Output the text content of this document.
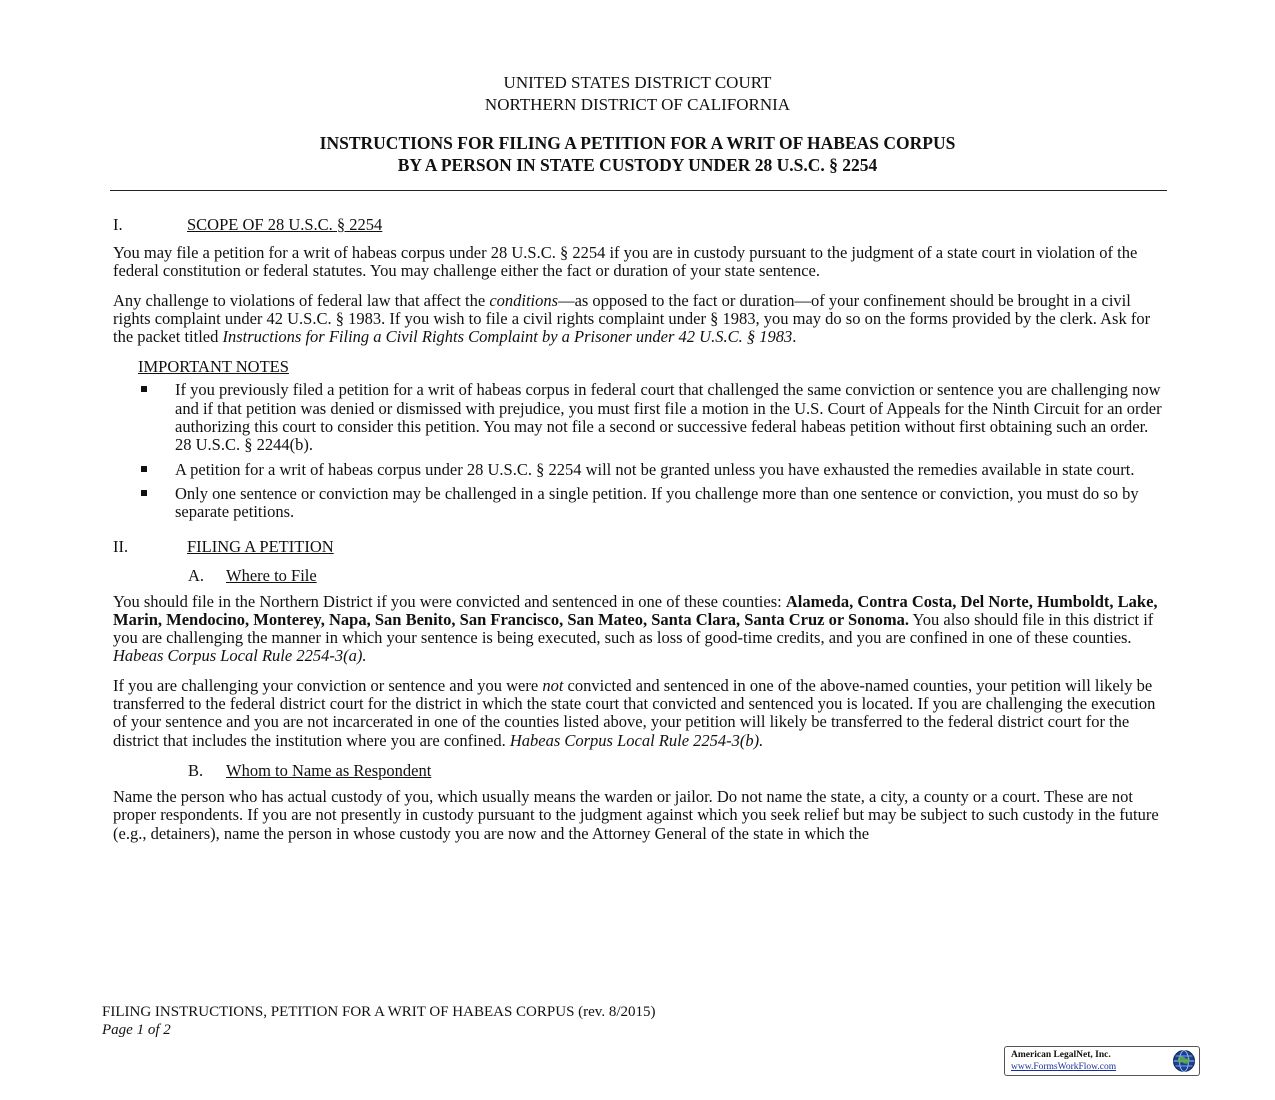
UNITED STATES DISTRICT COURT
NORTHERN DISTRICT OF CALIFORNIA
INSTRUCTIONS FOR FILING A PETITION FOR A WRIT OF HABEAS CORPUS
BY A PERSON IN STATE CUSTODY UNDER 28 U.S.C. § 2254
I.	SCOPE OF 28 U.S.C. § 2254

You may file a petition for a writ of habeas corpus under 28 U.S.C. § 2254 if you are in custody pursuant to the judgment of a state court in violation of the federal constitution or federal statutes. You may challenge either the fact or duration of your state sentence.

Any challenge to violations of federal law that affect the conditions—as opposed to the fact or duration—of your confinement should be brought in a civil rights complaint under 42 U.S.C. § 1983. If you wish to file a civil rights complaint under § 1983, you may do so on the forms provided by the clerk. Ask for the packet titled Instructions for Filing a Civil Rights Complaint by a Prisoner under 42 U.S.C. § 1983.

IMPORTANT NOTES
If you previously filed a petition for a writ of habeas corpus in federal court that challenged the same conviction or sentence you are challenging now and if that petition was denied or dismissed with prejudice, you must first file a motion in the U.S. Court of Appeals for the Ninth Circuit for an order authorizing this court to consider this petition. You may not file a second or successive federal habeas petition without first obtaining such an order. 28 U.S.C. § 2244(b).
A petition for a writ of habeas corpus under 28 U.S.C. § 2254 will not be granted unless you have exhausted the remedies available in state court.
Only one sentence or conviction may be challenged in a single petition. If you challenge more than one sentence or conviction, you must do so by separate petitions.
II.	FILING A PETITION
A. Where to File

You should file in the Northern District if you were convicted and sentenced in one of these counties: Alameda, Contra Costa, Del Norte, Humboldt, Lake, Marin, Mendocino, Monterey, Napa, San Benito, San Francisco, San Mateo, Santa Clara, Santa Cruz or Sonoma. You also should file in this district if you are challenging the manner in which your sentence is being executed, such as loss of good-time credits, and you are confined in one of these counties. Habeas Corpus Local Rule 2254-3(a).

If you are challenging your conviction or sentence and you were not convicted and sentenced in one of the above-named counties, your petition will likely be transferred to the federal district court for the district in which the state court that convicted and sentenced you is located. If you are challenging the execution of your sentence and you are not incarcerated in one of the counties listed above, your petition will likely be transferred to the federal district court for the district that includes the institution where you are confined. Habeas Corpus Local Rule 2254-3(b).

B. Whom to Name as Respondent

Name the person who has actual custody of you, which usually means the warden or jailor. Do not name the state, a city, a county or a court. These are not proper respondents. If you are not presently in custody pursuant to the judgment against which you seek relief but may be subject to such custody in the future (e.g., detainers), name the person in whose custody you are now and the Attorney General of the state in which the

FILING INSTRUCTIONS, PETITION FOR A WRIT OF HABEAS CORPUS (rev. 8/2015)
Page 1 of 2
American LegalNet, Inc.
www.FormsWorkFlow.com
